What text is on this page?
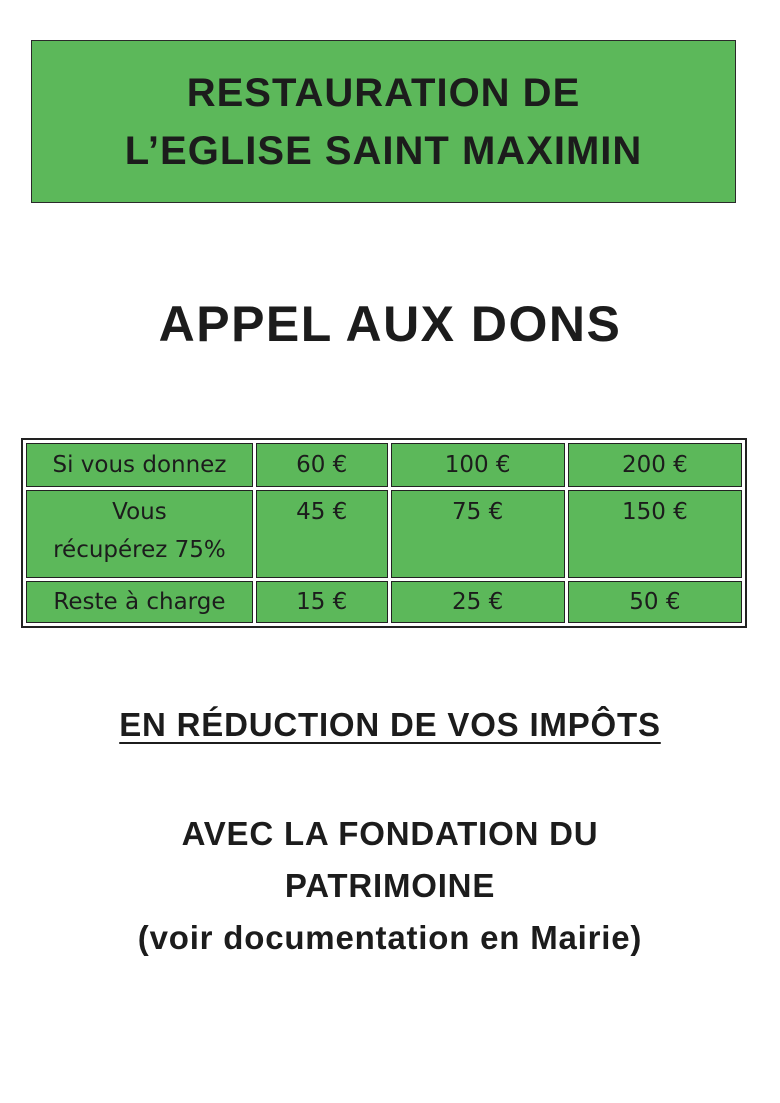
RESTAURATION DE
L’EGLISE SAINT MAXIMIN
APPEL AUX DONS
Si vous donnez	60 €	100 €	200 €

Vous
récupérez 75%	45 €	75 €	150 €
Reste à charge	15 €	25 €	50 €
EN RÉDUCTION DE VOS IMPÔTS
AVEC LA FONDATION DU
PATRIMOINE
(voir documentation en Mairie)
